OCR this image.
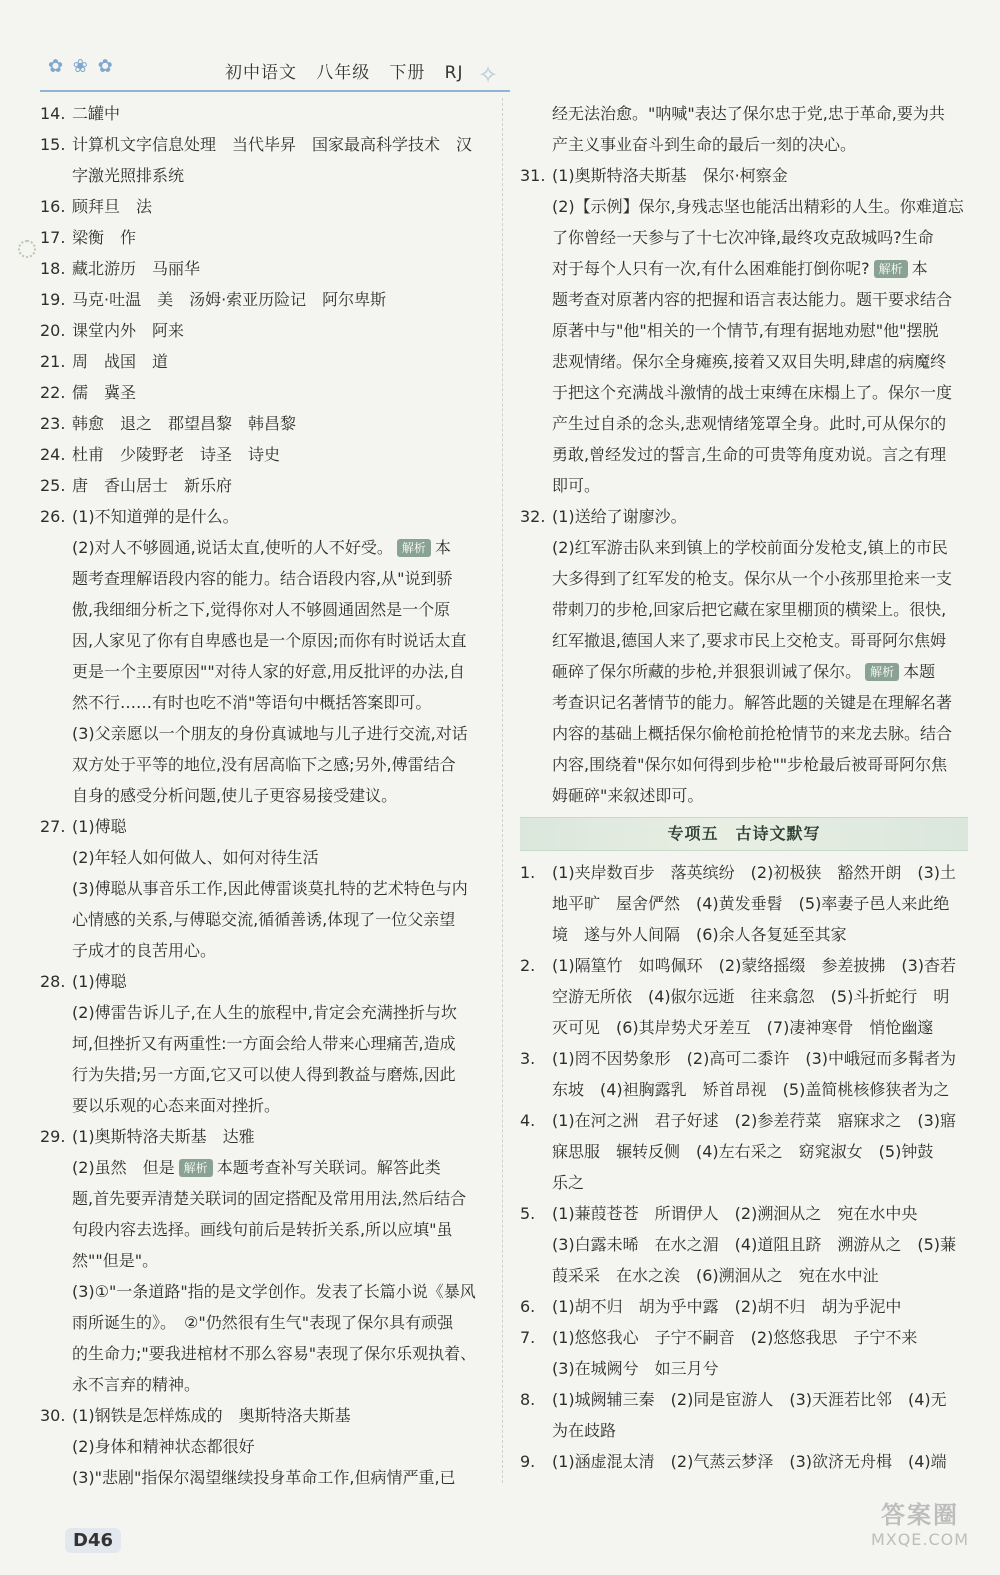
✿ ❀ ✿	初中语文   八年级   下册   RJ ✧

14. 二罐中

15. 计算机文字信息处理　当代毕昇　国家最高科学技术　汉

字激光照排系统

16. 顾拜旦　法

17. 梁衡　作

18. 藏北游历　马丽华

19. 马克·吐温　美　汤姆·索亚历险记　阿尔卑斯

20. 课堂内外　阿来

21. 周　战国　道

22. 儒　冀圣

23. 韩愈　退之　郡望昌黎　韩昌黎

24. 杜甫　少陵野老　诗圣　诗史

25. 唐　香山居士　新乐府

26. (1)不知道弹的是什么。

(2)对人不够圆通,说话太直,使听的人不好受。 解析 本

题考查理解语段内容的能力。结合语段内容,从"说到骄

傲,我细细分析之下,觉得你对人不够圆通固然是一个原

因,人家见了你有自卑感也是一个原因;而你有时说话太直

更是一个主要原因""对待人家的好意,用反批评的办法,自

然不行……有时也吃不消"等语句中概括答案即可。

(3)父亲愿以一个朋友的身份真诚地与儿子进行交流,对话

双方处于平等的地位,没有居高临下之感;另外,傅雷结合

自身的感受分析问题,使儿子更容易接受建议。

27. (1)傅聪

(2)年轻人如何做人、如何对待生活

(3)傅聪从事音乐工作,因此傅雷谈莫扎特的艺术特色与内

心情感的关系,与傅聪交流,循循善诱,体现了一位父亲望

子成才的良苦用心。

28. (1)傅聪

(2)傅雷告诉儿子,在人生的旅程中,肯定会充满挫折与坎

坷,但挫折又有两重性:一方面会给人带来心理痛苦,造成

行为失措;另一方面,它又可以使人得到教益与磨炼,因此

要以乐观的心态来面对挫折。

29. (1)奥斯特洛夫斯基　达雅

(2)虽然　但是 解析 本题考查补写关联词。解答此类

题,首先要弄清楚关联词的固定搭配及常用用法,然后结合

句段内容去选择。画线句前后是转折关系,所以应填"虽

然""但是"。

(3)①"一条道路"指的是文学创作。发表了长篇小说《暴风

雨所诞生的》。　②"仍然很有生气"表现了保尔具有顽强

的生命力;"要我进棺材不那么容易"表现了保尔乐观执着、

永不言弃的精神。

30. (1)钢铁是怎样炼成的　奥斯特洛夫斯基

(2)身体和精神状态都很好

(3)"悲剧"指保尔渴望继续投身革命工作,但病情严重,已

经无法治愈。"呐喊"表达了保尔忠于党,忠于革命,要为共

产主义事业奋斗到生命的最后一刻的决心。

31. (1)奥斯特洛夫斯基　保尔·柯察金

(2)【示例】保尔,身残志坚也能活出精彩的人生。你难道忘

了你曾经一天参与了十七次冲锋,最终攻克敌城吗?生命

对于每个人只有一次,有什么困难能打倒你呢? 解析 本

题考查对原著内容的把握和语言表达能力。题干要求结合

原著中与"他"相关的一个情节,有理有据地劝慰"他"摆脱

悲观情绪。保尔全身瘫痪,接着又双目失明,肆虐的病魔终

于把这个充满战斗激情的战士束缚在床榻上了。保尔一度

产生过自杀的念头,悲观情绪笼罩全身。此时,可从保尔的

勇敢,曾经发过的誓言,生命的可贵等角度劝说。言之有理

即可。

32. (1)送给了谢廖沙。

(2)红军游击队来到镇上的学校前面分发枪支,镇上的市民

大多得到了红军发的枪支。保尔从一个小孩那里抢来一支

带刺刀的步枪,回家后把它藏在家里棚顶的横梁上。很快,

红军撤退,德国人来了,要求市民上交枪支。哥哥阿尔焦姆

砸碎了保尔所藏的步枪,并狠狠训诫了保尔。 解析 本题

考查识记名著情节的能力。解答此题的关键是在理解名著

内容的基础上概括保尔偷枪前抢枪情节的来龙去脉。结合

内容,围绕着"保尔如何得到步枪""步枪最后被哥哥阿尔焦

姆砸碎"来叙述即可。

专项五　古诗文默写

1. (1)夹岸数百步　落英缤纷　(2)初极狭　豁然开朗　(3)土

地平旷　屋舍俨然　(4)黄发垂髫　(5)率妻子邑人来此绝

境　遂与外人间隔　(6)余人各复延至其家

2. (1)隔篁竹　如鸣佩环　(2)蒙络摇缀　参差披拂　(3)杳若

空游无所依　(4)俶尔远逝　往来翕忽　(5)斗折蛇行　明

灭可见　(6)其岸势犬牙差互　(7)凄神寒骨　悄怆幽邃

3. (1)罔不因势象形　(2)高可二黍许　(3)中峨冠而多髯者为

东坡　(4)袒胸露乳　矫首昂视　(5)盖简桃核修狭者为之

4. (1)在河之洲　君子好逑　(2)参差荇菜　寤寐求之　(3)寤

寐思服　辗转反侧　(4)左右采之　窈窕淑女　(5)钟鼓

乐之

5. (1)蒹葭苍苍　所谓伊人　(2)溯洄从之　宛在水中央

(3)白露未晞　在水之湄　(4)道阻且跻　溯游从之　(5)蒹

葭采采　在水之涘　(6)溯洄从之　宛在水中沚

6. (1)胡不归　胡为乎中露　(2)胡不归　胡为乎泥中

7. (1)悠悠我心　子宁不嗣音　(2)悠悠我思　子宁不来

(3)在城阙兮　如三月兮

8. (1)城阙辅三秦　(2)同是宦游人　(3)天涯若比邻　(4)无

为在歧路

9. (1)涵虚混太清　(2)气蒸云梦泽　(3)欲济无舟楫　(4)端

D46
答案圈
MXQE.COM
